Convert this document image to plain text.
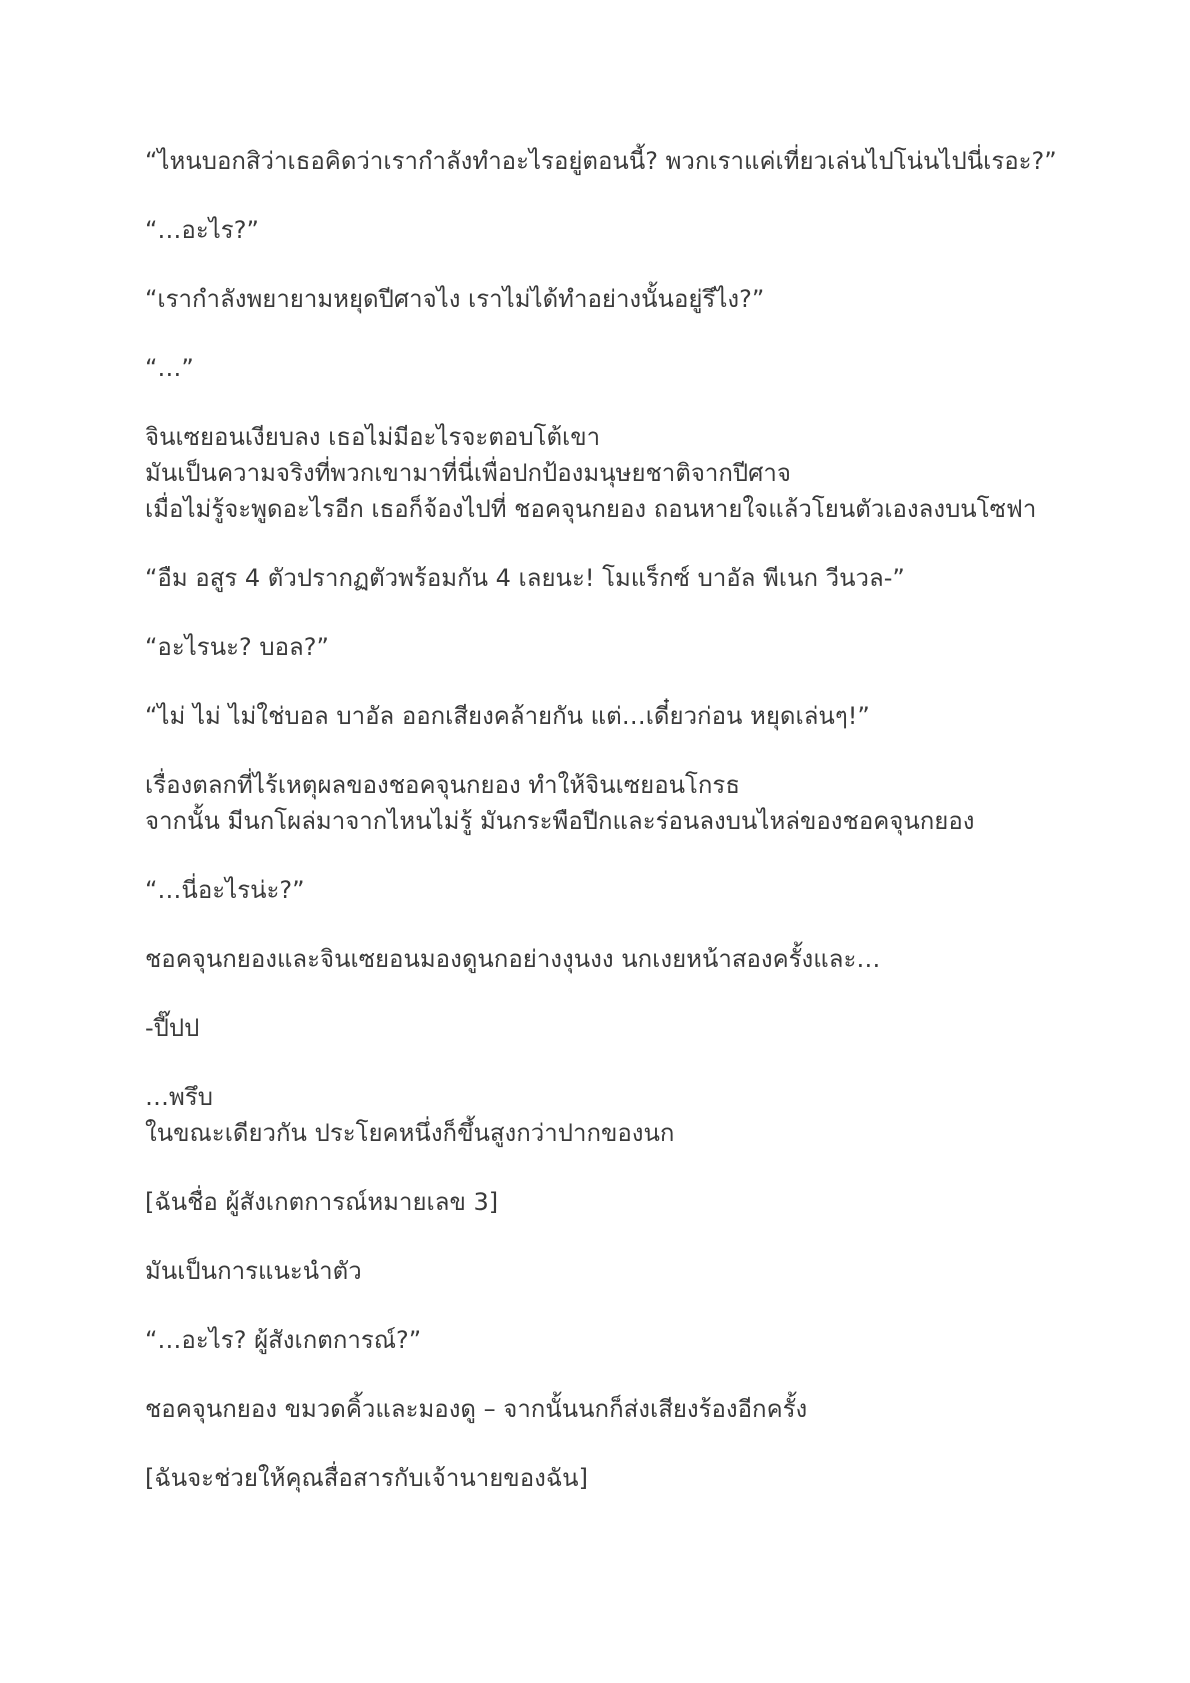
“ไหนบอกสิว่าเธอคิดว่าเรากำลังทำอะไรอยู่ตอนนี้? พวกเราแค่เที่ยวเล่นไปโน่นไปนี่เรอะ?”

“…อะไร?”

“เรากำลังพยายามหยุดปีศาจไง เราไม่ได้ทำอย่างนั้นอยู่รึไง?”

“…”

จินเซยอนเงียบลง เธอไม่มีอะไรจะตอบโต้เขา
มันเป็นความจริงที่พวกเขามาที่นี่เพื่อปกป้องมนุษยชาติจากปีศาจ
เมื่อไม่รู้จะพูดอะไรอีก เธอก็จ้องไปที่ ชอคจุนกยอง ถอนหายใจแล้วโยนตัวเองลงบนโซฟา

“อืม อสูร 4 ตัวปรากฏตัวพร้อมกัน 4 เลยนะ! โมแร็กซ์ บาอัล พีเนก วีนวล-”

“อะไรนะ? บอล?”

“ไม่ ไม่ ไม่ใช่บอล บาอัล ออกเสียงคล้ายกัน แต่…เดี๋ยวก่อน หยุดเล่นๆ!”

เรื่องตลกที่ไร้เหตุผลของชอคจุนกยอง ทำให้จินเซยอนโกรธ
จากนั้น มีนกโผล่มาจากไหนไม่รู้ มันกระพือปีกและร่อนลงบนไหล่ของชอคจุนกยอง

“…นี่อะไรน่ะ?”

ชอคจุนกยองและจินเซยอนมองดูนกอย่างงุนงง นกเงยหน้าสองครั้งและ…

-ปี๊ปป

…พรึบ
ในขณะเดียวกัน ประโยคหนึ่งก็ขึ้นสูงกว่าปากของนก

[ฉันชื่อ ผู้สังเกตการณ์หมายเลข 3]

มันเป็นการแนะนำตัว

“…อะไร? ผู้สังเกตการณ์?”

ชอคจุนกยอง ขมวดคิ้วและมองดู – จากนั้นนกก็ส่งเสียงร้องอีกครั้ง

[ฉันจะช่วยให้คุณสื่อสารกับเจ้านายของฉัน]
